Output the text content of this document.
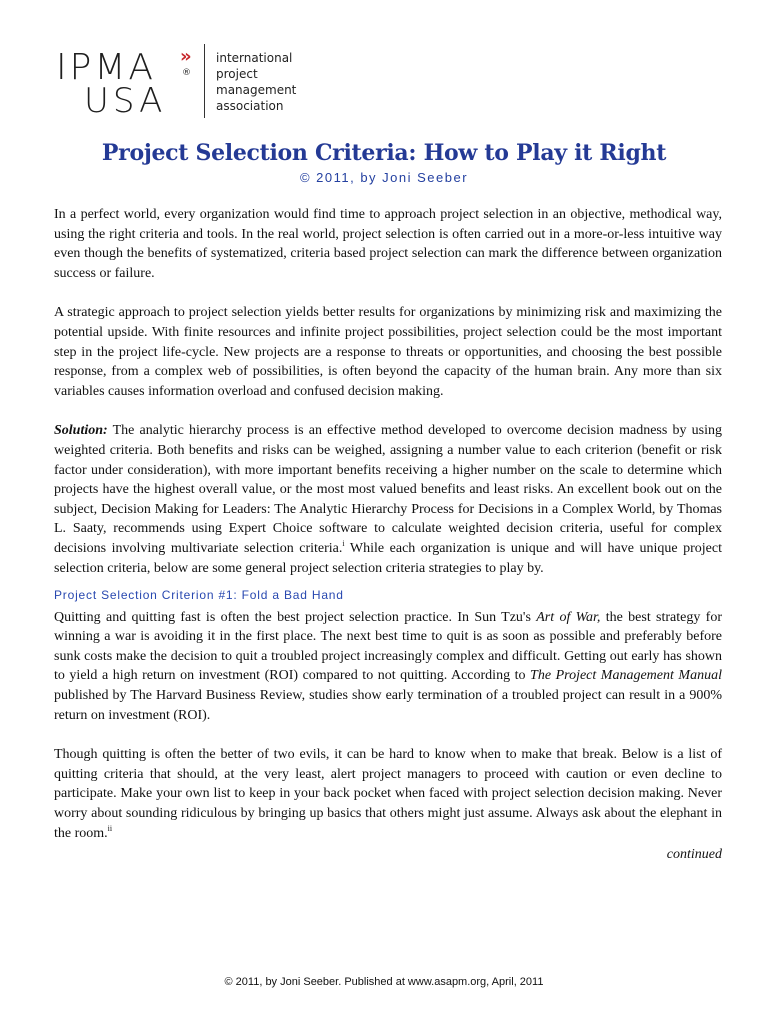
IPMA »
®
USA
international
project
management
association
Project Selection Criteria: How to Play it Right
© 2011, by Joni Seeber

In a perfect world, every organization would find time to approach project selection in an objective, methodical way, using the right criteria and tools. In the real world, project selection is often carried out in a more-or-less intuitive way even though the benefits of systematized, criteria based project selection can mark the difference between organization success or failure.

A strategic approach to project selection yields better results for organizations by minimizing risk and maximizing the potential upside. With finite resources and infinite project possibilities, project selection could be the most important step in the project life-cycle. New projects are a response to threats or opportunities, and choosing the best possible response, from a complex web of possibilities, is often beyond the capacity of the human brain. Any more than six variables causes information overload and confused decision making.

Solution: The analytic hierarchy process is an effective method developed to overcome decision madness by using weighted criteria. Both benefits and risks can be weighed, assigning a number value to each criterion (benefit or risk factor under consideration), with more important benefits receiving a higher number on the scale to determine which projects have the highest overall value, or the most most valued benefits and least risks. An excellent book out on the subject, Decision Making for Leaders: The Analytic Hierarchy Process for Decisions in a Complex World, by Thomas L. Saaty, recommends using Expert Choice software to calculate weighted decision criteria, useful for complex decisions involving multivariate selection criteria.$^i$ While each organization is unique and will have unique project selection criteria, below are some general project selection criteria strategies to play by.

Project Selection Criterion #1: Fold a Bad Hand

Quitting and quitting fast is often the best project selection practice. In Sun Tzu's Art of War, the best strategy for winning a war is avoiding it in the first place. The next best time to quit is as soon as possible and preferably before sunk costs make the decision to quit a troubled project increasingly complex and difficult. Getting out early has shown to yield a high return on investment (ROI) compared to not quitting. According to The Project Management Manual published by The Harvard Business Review, studies show early termination of a troubled project can result in a 900% return on investment (ROI).

Though quitting is often the better of two evils, it can be hard to know when to make that break. Below is a list of quitting criteria that should, at the very least, alert project managers to proceed with caution or even decline to participate. Make your own list to keep in your back pocket when faced with project selection decision making. Never worry about sounding ridiculous by bringing up basics that others might just assume. Always ask about the elephant in the room.$^{ii}$

continued
© 2011, by Joni Seeber. Published at www.asapm.org, April, 2011
